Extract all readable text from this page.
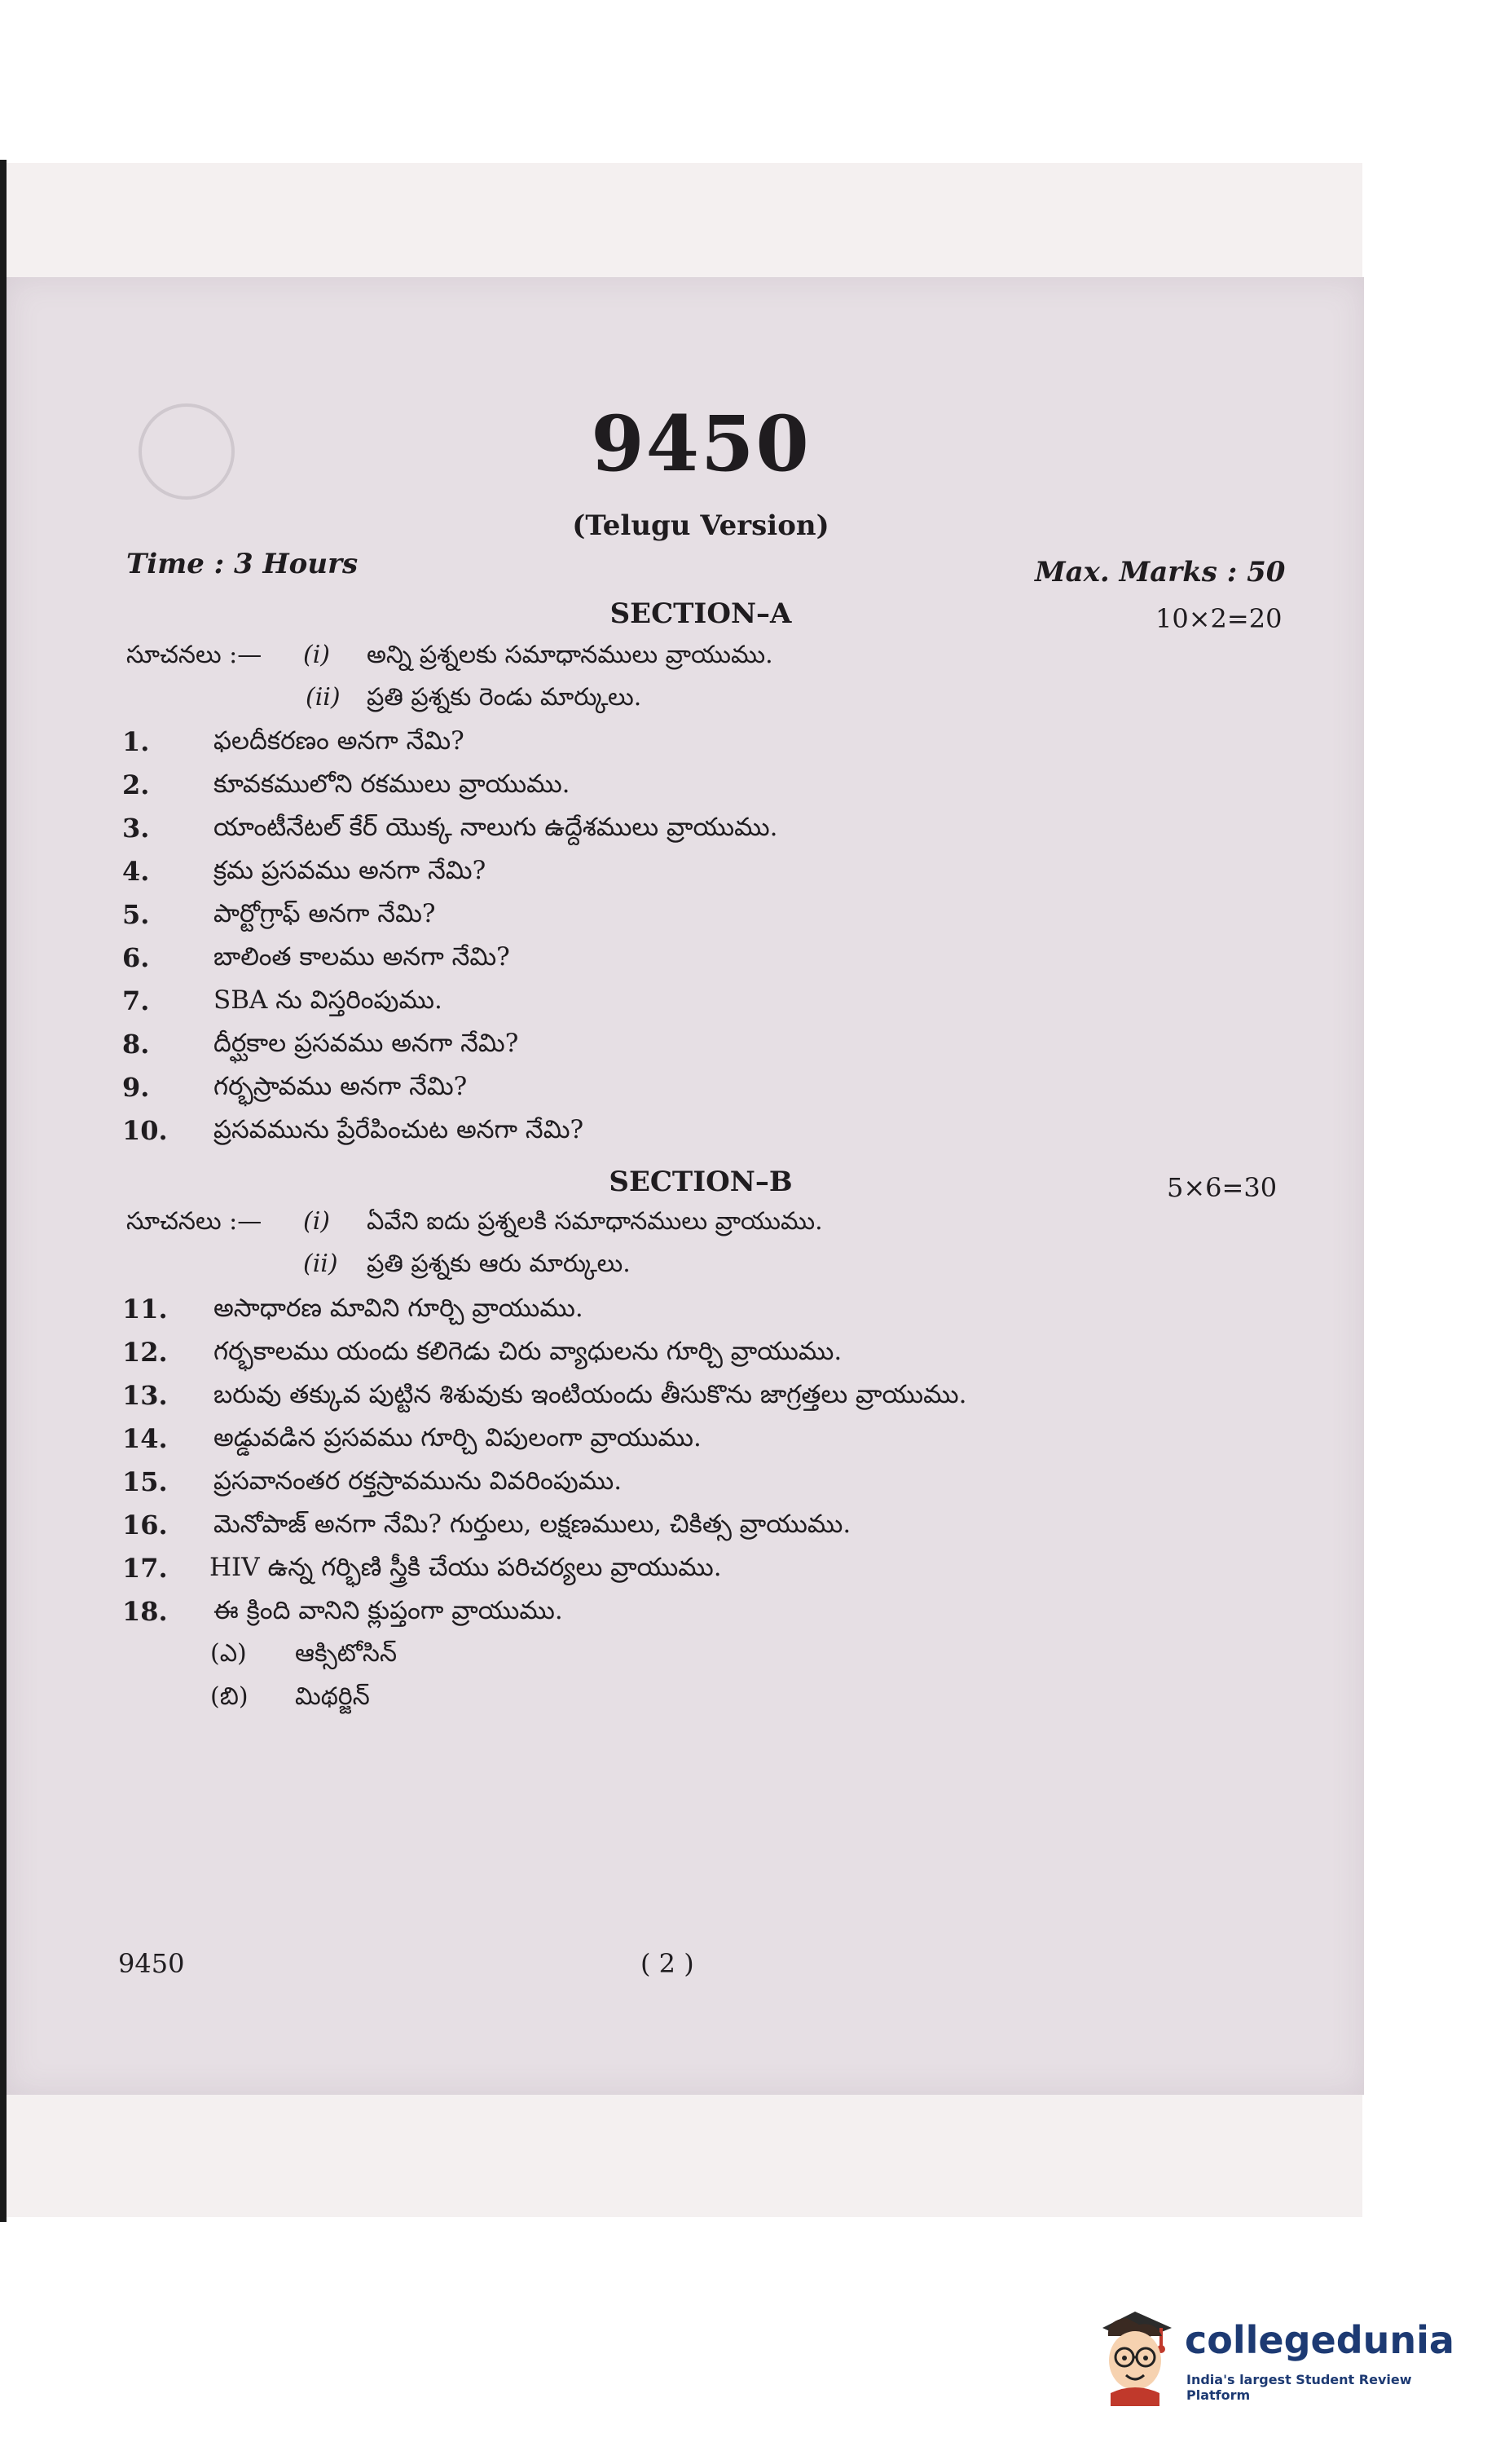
9450
(Telugu Version)
Time : 3 Hours	Max. Marks : 50
SECTION–A	10×2=20
సూచనలు :— (i) అన్ని ప్రశ్నలకు సమాధానములు వ్రాయుము.
(ii) ప్రతి ప్రశ్నకు రెండు మార్కులు.
1.	ఫలదీకరణం అనగా నేమి?
2.	కూవకములోని రకములు వ్రాయుము.
3.	యాంటీనేటల్ కేర్ యొక్క నాలుగు ఉద్దేశములు వ్రాయుము.
4.	క్రమ ప్రసవము అనగా నేమి?
5.	పార్టోగ్రాఫ్ అనగా నేమి?
6.	బాలింత కాలము అనగా నేమి?
7.	SBA ను విస్తరింపుము.
8.	దీర్ఘకాల ప్రసవము అనగా నేమి?
9.	గర్భస్రావము అనగా నేమి?
10.	ప్రసవమును ప్రేరేపించుట అనగా నేమి?
SECTION–B	5×6=30
సూచనలు :— (i) ఏవేని ఐదు ప్రశ్నలకి సమాధానములు వ్రాయుము.
(ii) ప్రతి ప్రశ్నకు ఆరు మార్కులు.
11.	అసాధారణ మావిని గూర్చి వ్రాయుము.
12.	గర్భకాలము యందు కలిగెడు చిరు వ్యాధులను గూర్చి వ్రాయుము.
13.	బరువు తక్కువ పుట్టిన శిశువుకు ఇంటియందు తీసుకొను జాగ్రత్తలు వ్రాయుము.
14.	అడ్డువడిన ప్రసవము గూర్చి విపులంగా వ్రాయుము.
15.	ప్రసవానంతర రక్తస్రావమును వివరింపుము.
16.	మెనోపాజ్ అనగా నేమి? గుర్తులు, లక్షణములు, చికిత్స వ్రాయుము.
17.	HIV ఉన్న గర్భిణి స్త్రీకి చేయు పరిచర్యలు వ్రాయుము.
18.	ఈ క్రింది వానిని క్లుప్తంగా వ్రాయుము.
(ఎ) ఆక్సిటోసిన్
(బి) మిథర్జిన్
9450	( 2 )
collegedunia
India's largest Student Review Platform
